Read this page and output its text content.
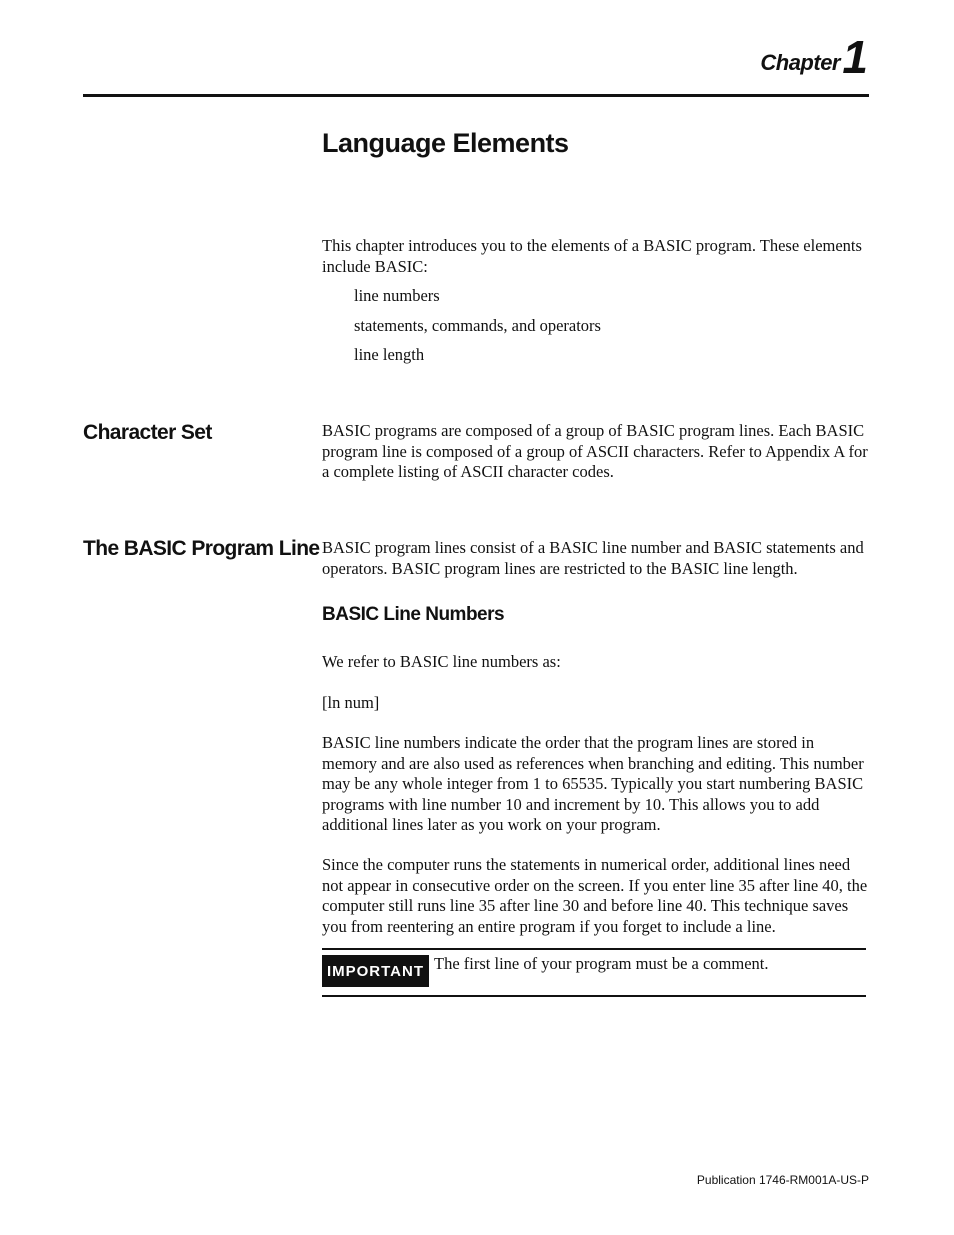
Chapter 1
Language Elements
This chapter introduces you to the elements of a BASIC program. These elements include BASIC:
line numbers
statements, commands, and operators
line length
Character Set	BASIC programs are composed of a group of BASIC program lines. Each BASIC program line is composed of a group of ASCII characters. Refer to Appendix A for a complete listing of ASCII character codes.
The BASIC Program Line BASIC program lines consist of a BASIC line number and BASIC statements and operators. BASIC program lines are restricted to the BASIC line length.
BASIC Line Numbers
We refer to BASIC line numbers as:
[ln num]
BASIC line numbers indicate the order that the program lines are stored in memory and are also used as references when branching and editing. This number may be any whole integer from 1 to 65535. Typically you start numbering BASIC programs with line number 10 and increment by 10. This allows you to add additional lines later as you work on your program.
Since the computer runs the statements in numerical order, additional lines need not appear in consecutive order on the screen. If you enter line 35 after line 40, the computer still runs line 35 after line 30 and before line 40. This technique saves you from reentering an entire program if you forget to include a line.
IMPORTANT The first line of your program must be a comment.
Publication 1746-RM001A-US-P
